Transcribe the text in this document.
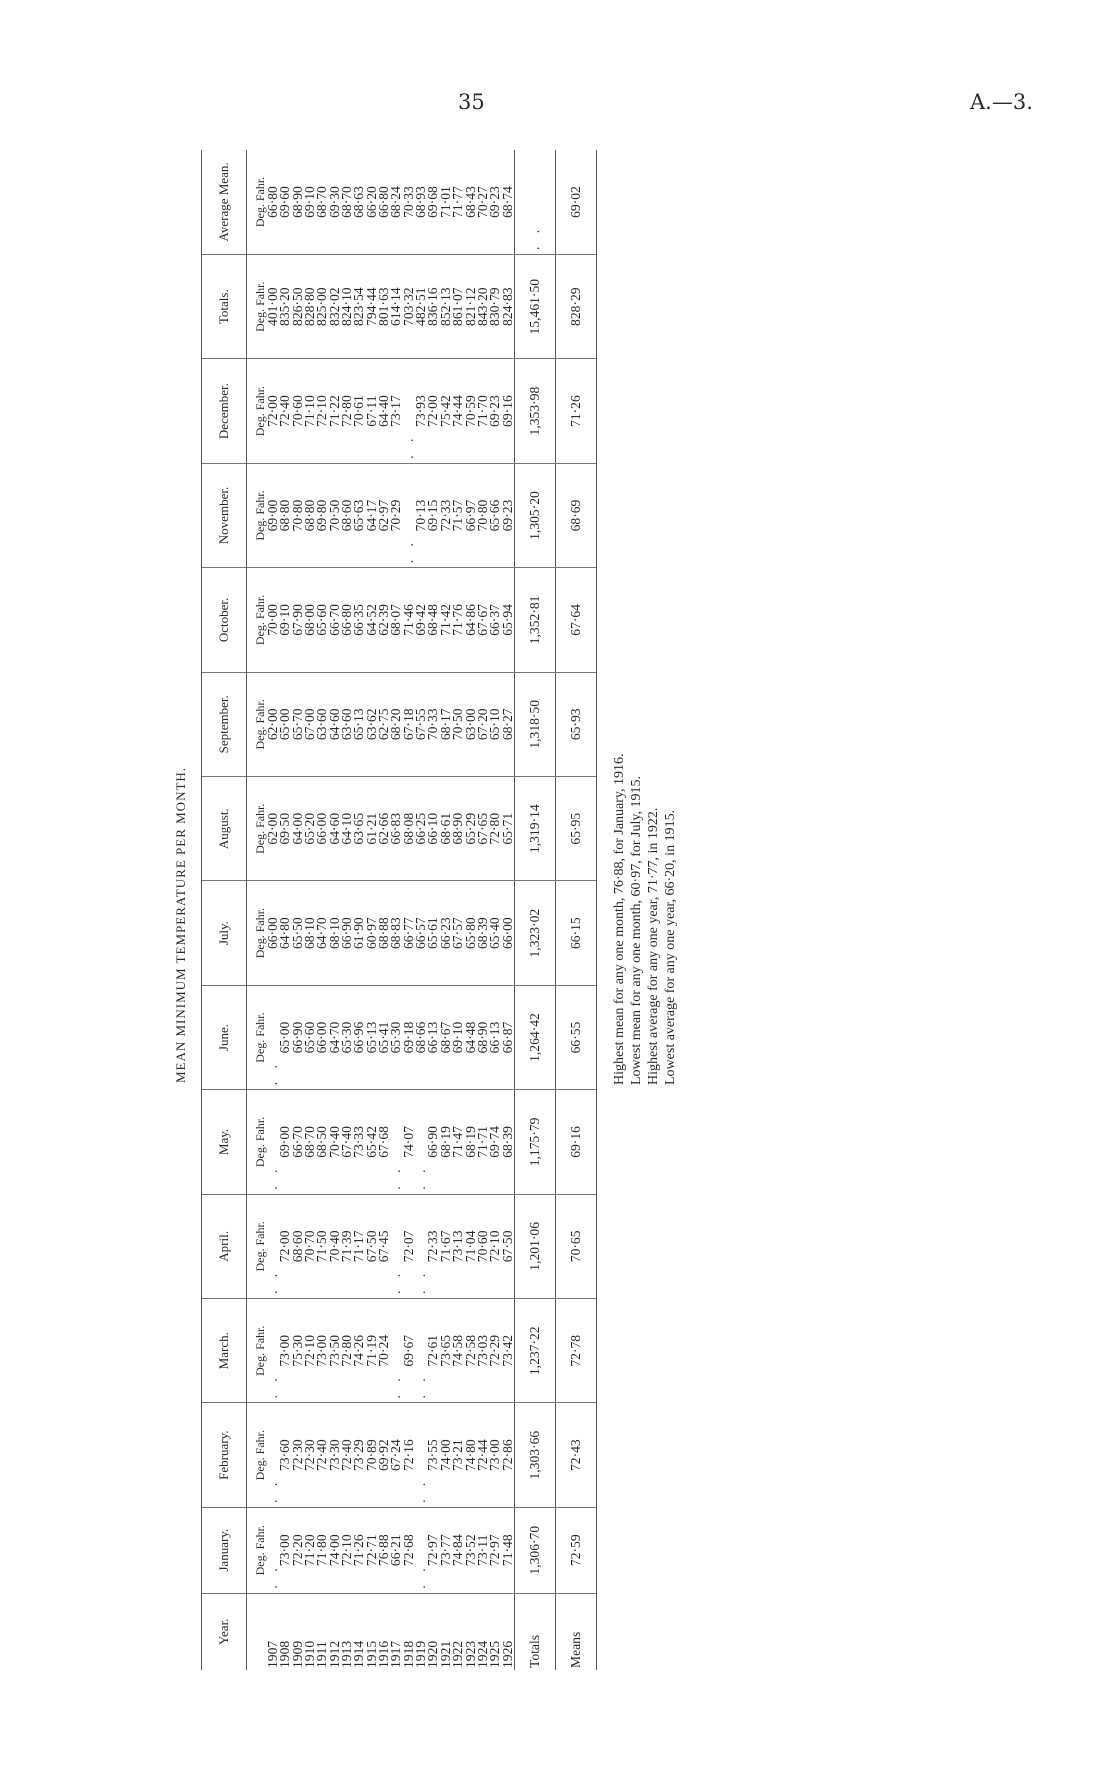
35	A.—3.
MEAN MINIMUM TEMPERATURE PER MONTH.
Year.	January.	February.	March.	April.	May.	June.	July.	August.	September.	October.	November.	December.	Totals.	Average Mean.
	Deg. Fahr.	Deg. Fahr.	Deg. Fahr.	Deg. Fahr.	Deg. Fahr.	Deg. Fahr.	Deg. Fahr.	Deg. Fahr.	Deg. Fahr.	Deg. Fahr.	Deg. Fahr.	Deg. Fahr.	Deg. Fahr.	Deg. Fahr.
1907	. .	. .	. .	. .	. .	. .	66·00	62·00	62·00	70·00	69·00	72·00	401·00	66·80
1908	73·00	73·60	73·00	72·00	69·00	65·00	64·80	69·50	65·00	69·10	68·80	72·40	835·20	69·60
1909	72·20	72·30	75·30	68·60	66·70	66·90	65·50	64·00	65·70	67·90	70·80	70·60	826·50	68·90
1910	71·20	72·30	72·10	70·70	68·70	65·60	68·10	65·20	67·00	68·00	68·80	71·10	828·80	69·10
1911	71·80	72·40	73·00	71·50	68·50	66·00	64·70	66·00	63·60	65·60	69·80	72·10	825·00	68·70
1912	74·00	73·30	73·50	70·40	70·40	64·70	68·10	64·60	64·60	66·70	70·50	71·22	832·02	69·30
1913	72·10	72·40	72·80	71·39	67·40	65·30	66·90	64·10	63·60	66·80	68·60	72·80	824·10	68·70
1914	71·26	73·29	74·26	71·17	73·33	66·96	61·90	63·65	65·13	66·35	65·63	70·61	823·54	68·63
1915	72·71	70·89	71·19	67·50	65·42	65·13	60·97	61·21	63·62	64·52	64·17	67·11	794·44	66·20
1916	76·88	69·92	70·24	67·45	67·68	65·41	68·88	62·66	62·75	62·39	62·97	64·40	801·63	66·80
1917	66·21	67·24	. .	. .	. .	65·30	68·83	66·83	68·20	68·07	70·29	73·17	614·14	68·24
1918	72·68	72·16	69·67	72·07	74·07	69·18	66·77	68·08	67·18	71·46	. .	. .	703·32	70·33
1919	. .	. .	. .	. .	. .	68·66	66·57	66·25	67·55	69·42	70·13	73·93	482·51	68·93
1920	72·97	73·55	72·61	72·33	66·90	66·13	65·61	66·10	70·33	68·48	69·15	72·00	836·16	69·68
1921	73·77	74·00	73·65	71·67	68·19	68·67	66·23	68·61	68·17	71·42	72·33	75·42	852·13	71·01
1922	74·84	73·21	74·58	73·13	71·47	69·10	67·57	68·90	70·50	71·76	71·57	74·44	861·07	71·77
1923	73·52	74·80	72·58	71·04	68·19	64·48	65·80	65·29	63·00	64·86	66·97	70·59	821·12	68·43
1924	73·11	72·44	73·03	70·60	71·71	68·90	68·39	67·65	67·20	67·67	70·80	71·70	843·20	70·27
1925	72·97	73·00	72·29	72·10	69·74	66·13	65·40	72·80	65·10	66·37	65·66	69·23	830·79	69·23
1926	71·48	72·86	73·42	67·50	68·39	66·87	66·00	65·71	68·27	65·94	69·23	69·16	824·83	68·74
Totals	1,306·70	1,303·66	1,237·22	1,201·06	1,175·79	1,264·42	1,323·02	1,319·14	1,318·50	1,352·81	1,305·20	1,353·98	15,461·50	. .
Means	72·59	72·43	72·78	70·65	69·16	66·55	66·15	65·95	65·93	67·64	68·69	71·26	828·29	69·02
Highest mean for any one month, 76·88, for January, 1916. Lowest mean for any one month, 60·97, for July, 1915. Highest average for any one year, 71·77, in 1922. Lowest average for any one year, 66·20, in 1915.
